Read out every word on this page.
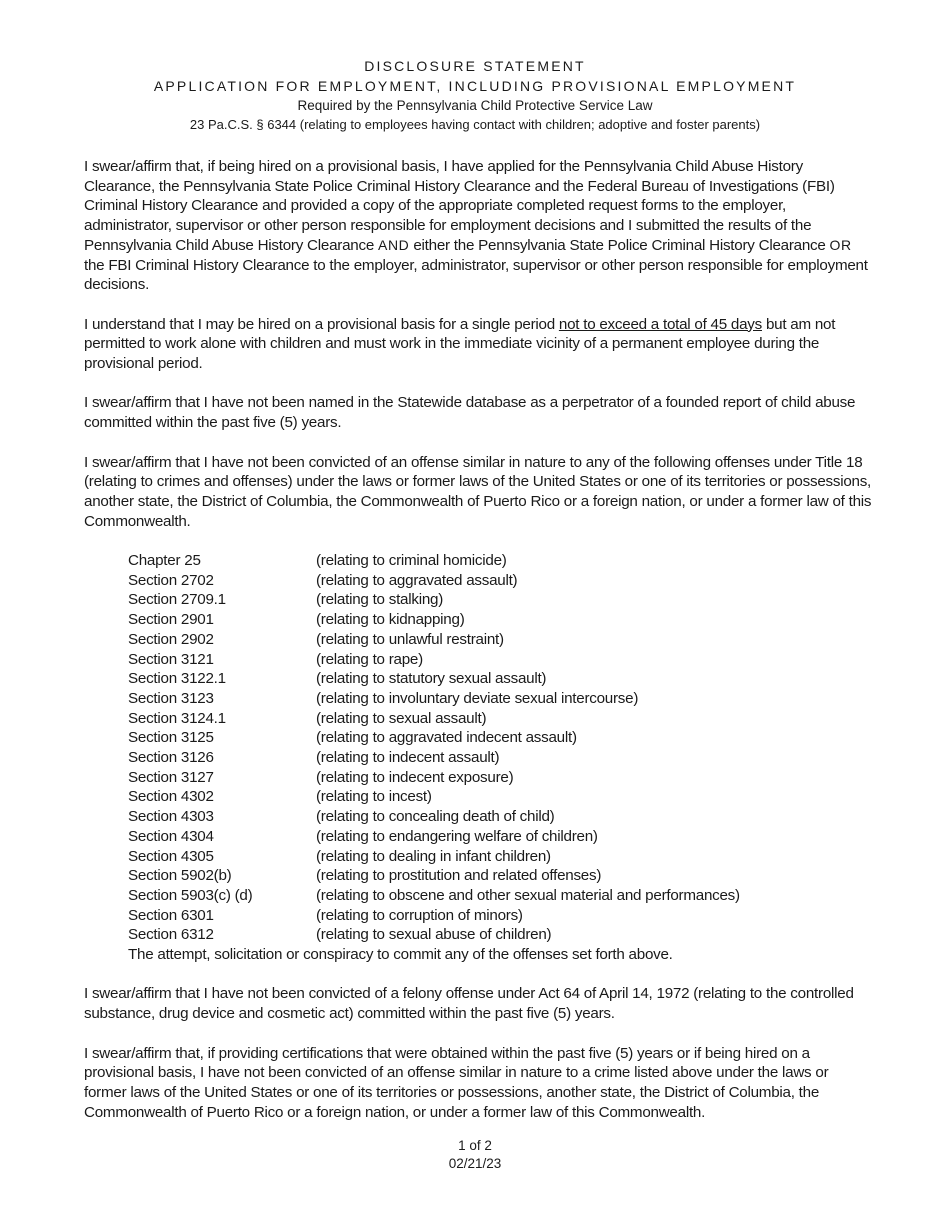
DISCLOSURE STATEMENT
APPLICATION FOR EMPLOYMENT, INCLUDING PROVISIONAL EMPLOYMENT
Required by the Pennsylvania Child Protective Service Law
23 Pa.C.S. § 6344 (relating to employees having contact with children; adoptive and foster parents)

I swear/affirm that, if being hired on a provisional basis, I have applied for the Pennsylvania Child Abuse History Clearance, the Pennsylvania State Police Criminal History Clearance and the Federal Bureau of Investigations (FBI) Criminal History Clearance and provided a copy of the appropriate completed request forms to the employer, administrator, supervisor or other person responsible for employment decisions and I submitted the results of the Pennsylvania Child Abuse History Clearance AND either the Pennsylvania State Police Criminal History Clearance OR the FBI Criminal History Clearance to the employer, administrator, supervisor or other person responsible for employment decisions.

I understand that I may be hired on a provisional basis for a single period not to exceed a total of 45 days but am not permitted to work alone with children and must work in the immediate vicinity of a permanent employee during the provisional period.

I swear/affirm that I have not been named in the Statewide database as a perpetrator of a founded report of child abuse committed within the past five (5) years.

I swear/affirm that I have not been convicted of an offense similar in nature to any of the following offenses under Title 18 (relating to crimes and offenses) under the laws or former laws of the United States or one of its territories or possessions, another state, the District of Columbia, the Commonwealth of Puerto Rico or a foreign nation, or under a former law of this Commonwealth.

Chapter 25	(relating to criminal homicide)
Section 2702	(relating to aggravated assault)
Section 2709.1	(relating to stalking)
Section 2901	(relating to kidnapping)
Section 2902	(relating to unlawful restraint)
Section 3121	(relating to rape)
Section 3122.1	(relating to statutory sexual assault)
Section 3123	(relating to involuntary deviate sexual intercourse)
Section 3124.1	(relating to sexual assault)
Section 3125	(relating to aggravated indecent assault)
Section 3126	(relating to indecent assault)
Section 3127	(relating to indecent exposure)
Section 4302	(relating to incest)
Section 4303	(relating to concealing death of child)
Section 4304	(relating to endangering welfare of children)
Section 4305	(relating to dealing in infant children)
Section 5902(b)	(relating to prostitution and related offenses)
Section 5903(c) (d)	(relating to obscene and other sexual material and performances)
Section 6301	(relating to corruption of minors)
Section 6312	(relating to sexual abuse of children)
The attempt, solicitation or conspiracy to commit any of the offenses set forth above.

I swear/affirm that I have not been convicted of a felony offense under Act 64 of April 14, 1972 (relating to the controlled substance, drug device and cosmetic act) committed within the past five (5) years.

I swear/affirm that, if providing certifications that were obtained within the past five (5) years or if being hired on a provisional basis, I have not been convicted of an offense similar in nature to a crime listed above under the laws or former laws of the United States or one of its territories or possessions, another state, the District of Columbia, the Commonwealth of Puerto Rico or a foreign nation, or under a former law of this Commonwealth.

1 of 2
02/21/23
